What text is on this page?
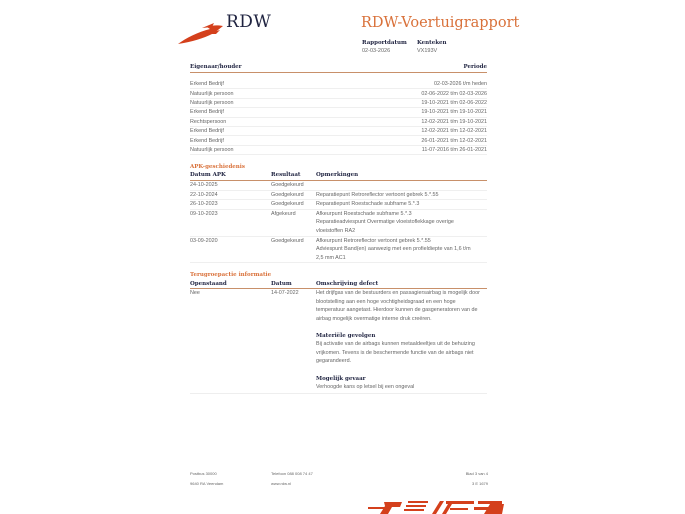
RDW	RDW-Voertuigrapport
Rapportdatum
02-03-2026
Kenteken
VX193V
Eigenaar/houder	Periode
Erkend Bedrijf	02-03-2026 t/m heden
Natuurlijk persoon	02-06-2022 t/m 02-03-2026
Natuurlijk persoon	19-10-2021 t/m 02-06-2022
Erkend Bedrijf	19-10-2021 t/m 19-10-2021
Rechtspersoon	12-02-2021 t/m 19-10-2021
Erkend Bedrijf	12-02-2021 t/m 12-02-2021
Erkend Bedrijf	26-01-2021 t/m 12-02-2021
Natuurlijk persoon	11-07-2016 t/m 26-01-2021
APK-geschiedenis
Datum APK	Resultaat	Opmerkingen
24-10-2025	Goedgekeurd	
22-10-2024	Goedgekeurd	Reparatiepunt Retroreflector vertoont gebrek 5.*.55

26-10-2023	Goedgekeurd	Reparatiepunt Roestschade subframe 5.*.3

09-10-2023	Afgekeurd	Afkeurpunt Roestschade subframe 5.*.3
Reparatieadviespunt Overmatige vloeistoflekkage overige
vloeistoffen RA2

03-09-2020	Goedgekeurd	Afkeurpunt Retroreflector vertoont gebrek 5.*.55
Adviespunt Band(en) aanwezig met een profieldiepte van 1,6 t/m
2,5 mm AC1
Terugroepactie informatie
Openstaand	Datum	Omschrijving defect
Nee	14-07-2022	Het drijfgas van de bestuurders en passagiersairbag is mogelijk door
blootstelling aan een hoge vochtigheidsgraad en een hoge
temperatuur aangetast. Hierdoor kunnen de gasgeneratoren van de
airbag mogelijk overmatige interne druk creëren.
Materiële gevolgen
Bij activatie van de airbags kunnen metaaldeeltjes uit de behuizing
vrijkomen. Tevens is de beschermende functie van de airbags niet
gegarandeerd.
Mogelijk gevaar
Verhoogde kans op letsel bij een ongeval
Postbus 30000
9640 RA Veendam
Telefoon 088 008 74 47
www.rdw.nl
Blad 3 van 4
3 E 1679
